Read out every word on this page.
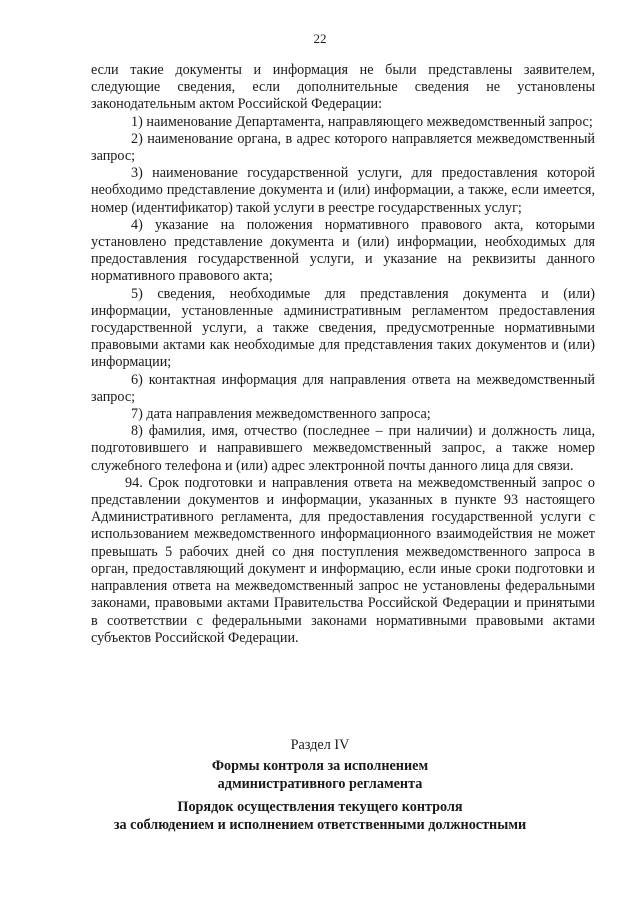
22

если такие документы и информация не были представлены заявителем, следующие сведения, если дополнительные сведения не установлены законодательным актом Российской Федерации:

1) наименование Департамента, направляющего межведомственный запрос;

2) наименование органа, в адрес которого направляется межведомственный запрос;

3) наименование государственной услуги, для предоставления которой необходимо представление документа и (или) информации, а также, если имеется, номер (идентификатор) такой услуги в реестре государственных услуг;

4) указание на положения нормативного правового акта, которыми установлено представление документа и (или) информации, необходимых для предоставления государственной услуги, и указание на реквизиты данного нормативного правового акта;

5) сведения, необходимые для представления документа и (или) информации, установленные административным регламентом предоставления государственной услуги, а также сведения, предусмотренные нормативными правовыми актами как необходимые для представления таких документов и (или) информации;

6) контактная информация для направления ответа на межведомственный запрос;

7) дата направления межведомственного запроса;

8) фамилия, имя, отчество (последнее – при наличии) и должность лица, подготовившего и направившего межведомственный запрос, а также номер служебного телефона и (или) адрес электронной почты данного лица для связи.

94. Срок подготовки и направления ответа на межведомственный запрос о представлении документов и информации, указанных в пункте 93 настоящего Административного регламента, для предоставления государственной услуги с использованием межведомственного информационного взаимодействия не может превышать 5 рабочих дней со дня поступления межведомственного запроса в орган, предоставляющий документ и информацию, если иные сроки подготовки и направления ответа на межведомственный запрос не установлены федеральными законами, правовыми актами Правительства Российской Федерации и принятыми в соответствии с федеральными законами нормативными правовыми актами субъектов Российской Федерации.

Раздел IV
Формы контроля за исполнением
административного регламента
Порядок осуществления текущего контроля
за соблюдением и исполнением ответственными должностными
